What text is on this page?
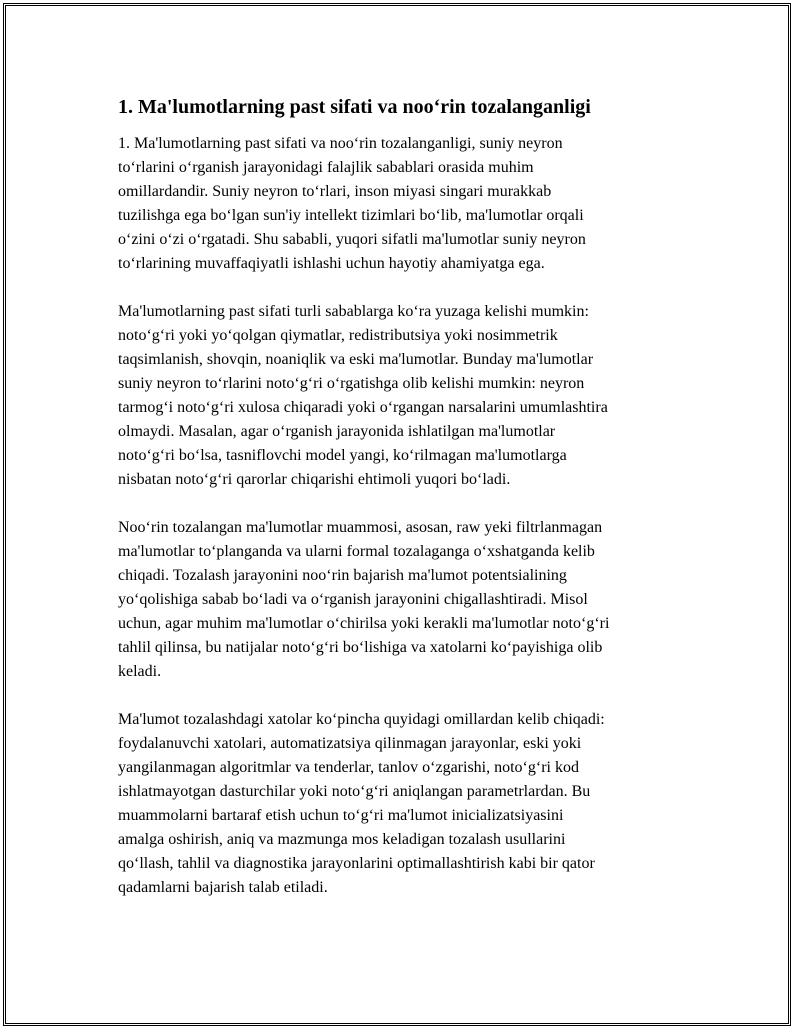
1. Ma'lumotlarning past sifati va noo‘rin tozalanganligi

1. Ma'lumotlarning past sifati va noo‘rin tozalanganligi, suniy neyron
to‘rlarini o‘rganish jarayonidagi falajlik sabablari orasida muhim
omillardandir. Suniy neyron to‘rlari, inson miyasi singari murakkab
tuzilishga ega bo‘lgan sun'iy intellekt tizimlari bo‘lib, ma'lumotlar orqali
o‘zini o‘zi o‘rgatadi. Shu sababli, yuqori sifatli ma'lumotlar suniy neyron
to‘rlarining muvaffaqiyatli ishlashi uchun hayotiy ahamiyatga ega.

Ma'lumotlarning past sifati turli sabablarga ko‘ra yuzaga kelishi mumkin:
noto‘g‘ri yoki yo‘qolgan qiymatlar, redistributsiya yoki nosimmetrik
taqsimlanish, shovqin, noaniqlik va eski ma'lumotlar. Bunday ma'lumotlar
suniy neyron to‘rlarini noto‘g‘ri o‘rgatishga olib kelishi mumkin: neyron
tarmog‘i noto‘g‘ri xulosa chiqaradi yoki o‘rgangan narsalarini umumlashtira
olmaydi. Masalan, agar o‘rganish jarayonida ishlatilgan ma'lumotlar
noto‘g‘ri bo‘lsa, tasniflovchi model yangi, ko‘rilmagan ma'lumotlarga
nisbatan noto‘g‘ri qarorlar chiqarishi ehtimoli yuqori bo‘ladi.

Noo‘rin tozalangan ma'lumotlar muammosi, asosan, raw yeki filtrlanmagan
ma'lumotlar to‘planganda va ularni formal tozalaganga o‘xshatganda kelib
chiqadi. Tozalash jarayonini noo‘rin bajarish ma'lumot potentsialining
yo‘qolishiga sabab bo‘ladi va o‘rganish jarayonini chigallashtiradi. Misol
uchun, agar muhim ma'lumotlar o‘chirilsa yoki kerakli ma'lumotlar noto‘g‘ri
tahlil qilinsa, bu natijalar noto‘g‘ri bo‘lishiga va xatolarni ko‘payishiga olib
keladi.

Ma'lumot tozalashdagi xatolar ko‘pincha quyidagi omillardan kelib chiqadi:
foydalanuvchi xatolari, automatizatsiya qilinmagan jarayonlar, eski yoki
yangilanmagan algoritmlar va tenderlar, tanlov o‘zgarishi, noto‘g‘ri kod
ishlatmayotgan dasturchilar yoki noto‘g‘ri aniqlangan parametrlardan. Bu
muammolarni bartaraf etish uchun to‘g‘ri ma'lumot inicializatsiyasini
amalga oshirish, aniq va mazmunga mos keladigan tozalash usullarini
qo‘llash, tahlil va diagnostika jarayonlarini optimallashtirish kabi bir qator
qadamlarni bajarish talab etiladi.
